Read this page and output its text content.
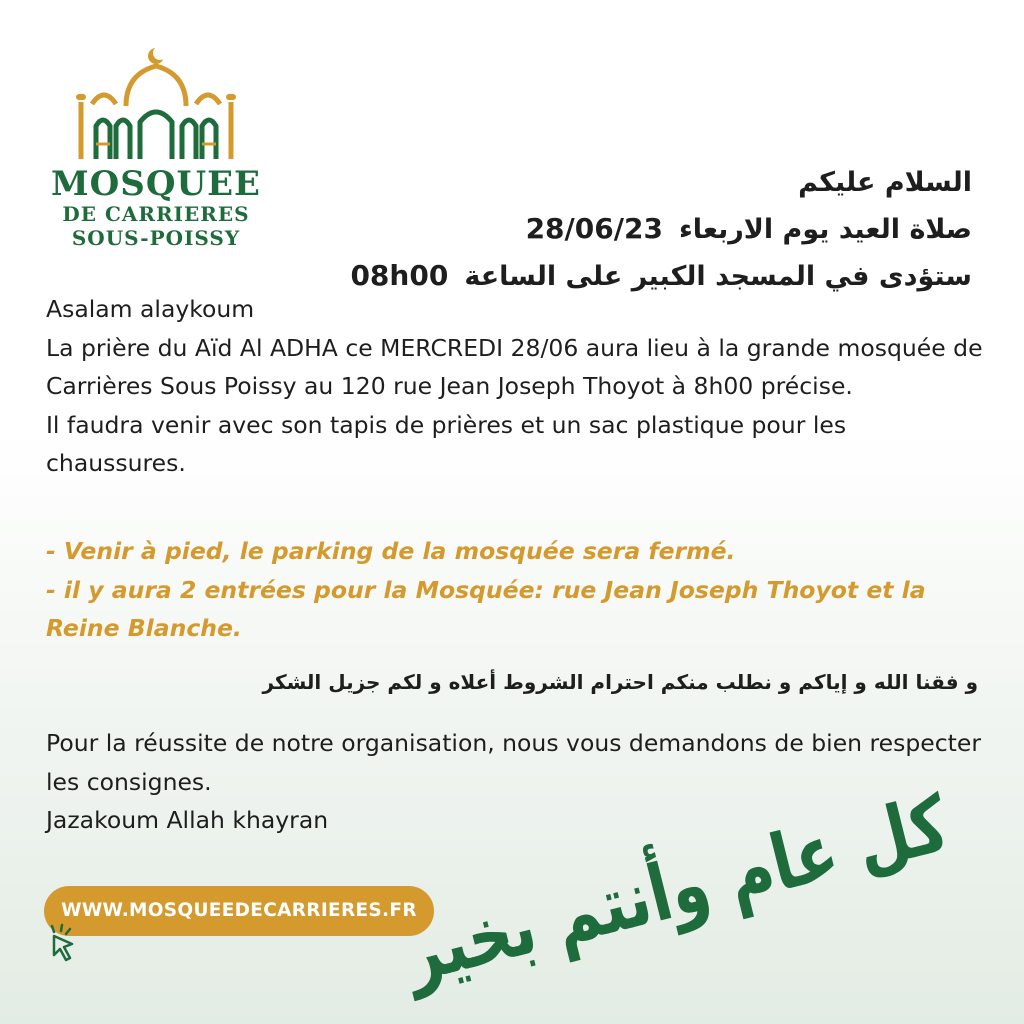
MOSQUEE
DE CARRIERES
SOUS-POISSY
السلام عليكم
صلاة العيد يوم الاربعاء28/06/23
ستؤدى في المسجد الكبير على الساعة08h00

Asalam alaykoum

La prière du Aïd Al ADHA ce MERCREDI 28/06 aura lieu à la grande mosquée de Carrières Sous Poissy au 120 rue Jean Joseph Thoyot à 8h00 précise.

Il faudra venir avec son tapis de prières et un sac plastique pour les chaussures.

- Venir à pied, le parking de la mosquée sera fermé.

- il y aura 2 entrées pour la Mosquée: rue Jean Joseph Thoyot et la Reine Blanche.

و فقنا الله و إياكم و نطلب منكم احترام الشروط أعلاه و لكم جزيل الشكر

Pour la réussite de notre organisation, nous vous demandons de bien respecter les consignes.

Jazakoum Allah khayran

WWW.MOSQUEEDECARRIERES.FR
كل عام وأنتم بخير
